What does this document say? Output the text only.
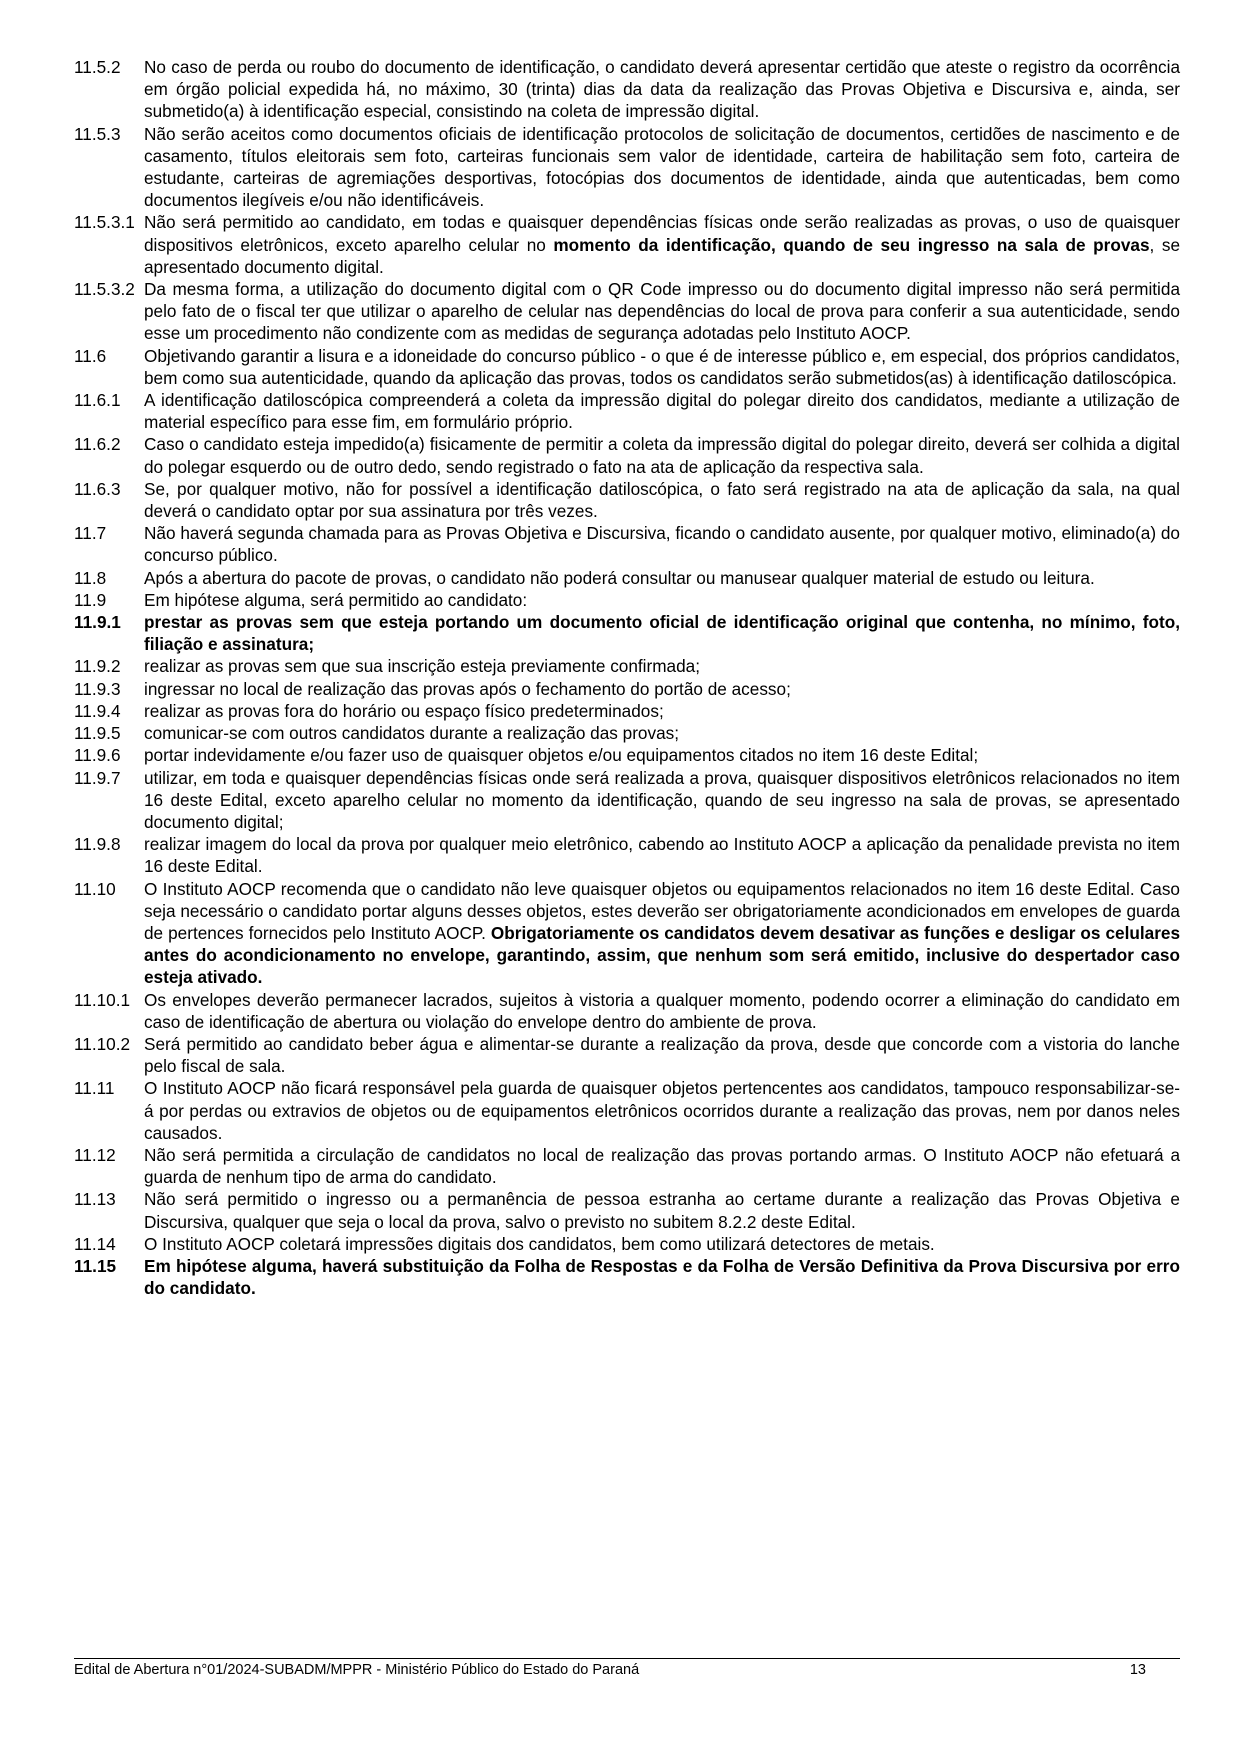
11.5.2	No caso de perda ou roubo do documento de identificação, o candidato deverá apresentar certidão que ateste o registro da ocorrência em órgão policial expedida há, no máximo, 30 (trinta) dias da data da realização das Provas Objetiva e Discursiva e, ainda, ser submetido(a) à identificação especial, consistindo na coleta de impressão digital.
11.5.3	Não serão aceitos como documentos oficiais de identificação protocolos de solicitação de documentos, certidões de nascimento e de casamento, títulos eleitorais sem foto, carteiras funcionais sem valor de identidade, carteira de habilitação sem foto, carteira de estudante, carteiras de agremiações desportivas, fotocópias dos documentos de identidade, ainda que autenticadas, bem como documentos ilegíveis e/ou não identificáveis.
11.5.3.1 Não será permitido ao candidato, em todas e quaisquer dependências físicas onde serão realizadas as provas, o uso de quaisquer dispositivos eletrônicos, exceto aparelho celular no momento da identificação, quando de seu ingresso na sala de provas, se apresentado documento digital.
11.5.3.2 Da mesma forma, a utilização do documento digital com o QR Code impresso ou do documento digital impresso não será permitida pelo fato de o fiscal ter que utilizar o aparelho de celular nas dependências do local de prova para conferir a sua autenticidade, sendo esse um procedimento não condizente com as medidas de segurança adotadas pelo Instituto AOCP.
11.6	Objetivando garantir a lisura e a idoneidade do concurso público - o que é de interesse público e, em especial, dos próprios candidatos, bem como sua autenticidade, quando da aplicação das provas, todos os candidatos serão submetidos(as) à identificação datiloscópica.
11.6.1	A identificação datiloscópica compreenderá a coleta da impressão digital do polegar direito dos candidatos, mediante a utilização de material específico para esse fim, em formulário próprio.
11.6.2	Caso o candidato esteja impedido(a) fisicamente de permitir a coleta da impressão digital do polegar direito, deverá ser colhida a digital do polegar esquerdo ou de outro dedo, sendo registrado o fato na ata de aplicação da respectiva sala.
11.6.3	Se, por qualquer motivo, não for possível a identificação datiloscópica, o fato será registrado na ata de aplicação da sala, na qual deverá o candidato optar por sua assinatura por três vezes.
11.7	Não haverá segunda chamada para as Provas Objetiva e Discursiva, ficando o candidato ausente, por qualquer motivo, eliminado(a) do concurso público.
11.8	Após a abertura do pacote de provas, o candidato não poderá consultar ou manusear qualquer material de estudo ou leitura.
11.9	Em hipótese alguma, será permitido ao candidato:
11.9.1	prestar as provas sem que esteja portando um documento oficial de identificação original que contenha, no mínimo, foto, filiação e assinatura;
11.9.2	realizar as provas sem que sua inscrição esteja previamente confirmada;
11.9.3	ingressar no local de realização das provas após o fechamento do portão de acesso;
11.9.4	realizar as provas fora do horário ou espaço físico predeterminados;
11.9.5	comunicar-se com outros candidatos durante a realização das provas;
11.9.6	portar indevidamente e/ou fazer uso de quaisquer objetos e/ou equipamentos citados no item 16 deste Edital;
11.9.7	utilizar, em toda e quaisquer dependências físicas onde será realizada a prova, quaisquer dispositivos eletrônicos relacionados no item 16 deste Edital, exceto aparelho celular no momento da identificação, quando de seu ingresso na sala de provas, se apresentado documento digital;
11.9.8	realizar imagem do local da prova por qualquer meio eletrônico, cabendo ao Instituto AOCP a aplicação da penalidade prevista no item 16 deste Edital.
11.10	O Instituto AOCP recomenda que o candidato não leve quaisquer objetos ou equipamentos relacionados no item 16 deste Edital. Caso seja necessário o candidato portar alguns desses objetos, estes deverão ser obrigatoriamente acondicionados em envelopes de guarda de pertences fornecidos pelo Instituto AOCP. Obrigatoriamente os candidatos devem desativar as funções e desligar os celulares antes do acondicionamento no envelope, garantindo, assim, que nenhum som será emitido, inclusive do despertador caso esteja ativado.
11.10.1 Os envelopes deverão permanecer lacrados, sujeitos à vistoria a qualquer momento, podendo ocorrer a eliminação do candidato em caso de identificação de abertura ou violação do envelope dentro do ambiente de prova.
11.10.2 Será permitido ao candidato beber água e alimentar-se durante a realização da prova, desde que concorde com a vistoria do lanche pelo fiscal de sala.
11.11	O Instituto AOCP não ficará responsável pela guarda de quaisquer objetos pertencentes aos candidatos, tampouco responsabilizar-se-á por perdas ou extravios de objetos ou de equipamentos eletrônicos ocorridos durante a realização das provas, nem por danos neles causados.
11.12	Não será permitida a circulação de candidatos no local de realização das provas portando armas. O Instituto AOCP não efetuará a guarda de nenhum tipo de arma do candidato.
11.13	Não será permitido o ingresso ou a permanência de pessoa estranha ao certame durante a realização das Provas Objetiva e Discursiva, qualquer que seja o local da prova, salvo o previsto no subitem 8.2.2 deste Edital.
11.14	O Instituto AOCP coletará impressões digitais dos candidatos, bem como utilizará detectores de metais.
11.15	Em hipótese alguma, haverá substituição da Folha de Respostas e da Folha de Versão Definitiva da Prova Discursiva por erro do candidato.
Edital de Abertura n°01/2024-SUBADM/MPPR - Ministério Público do Estado do Paraná	13
